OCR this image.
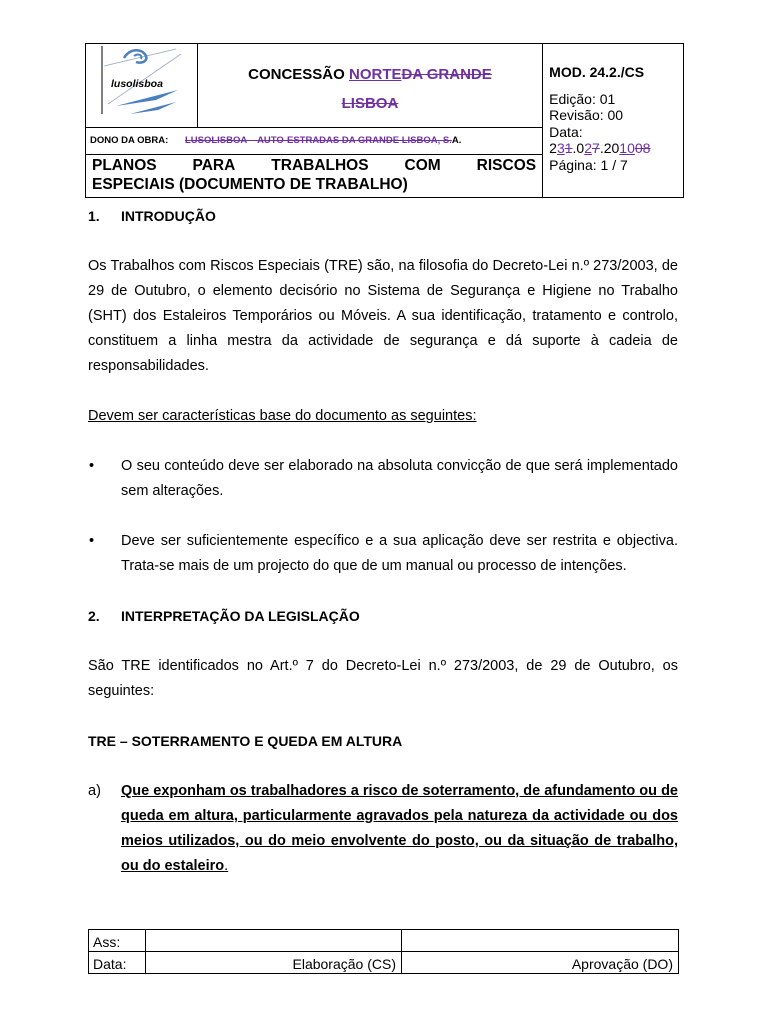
lusolisboa

CONCESSÃO NORTEDA GRANDE
LISBOA

MOD. 24.2./CS
Edição: 01
Revisão: 00
Data:
231.027.201008
Página: 1 / 7

DONO DA OBRA: LUSOLISBOA – AUTO-ESTRADAS DA GRANDE LISBOA, S.A.

PLANOS PARA TRABALHOS COM RISCOS
ESPECIAIS (DOCUMENTO DE TRABALHO)
1.	INTRODUÇÃO

Os Trabalhos com Riscos Especiais (TRE) são, na filosofia do Decreto-Lei n.º 273/2003, de 29 de Outubro, o elemento decisório no Sistema de Segurança e Higiene no Trabalho (SHT) dos Estaleiros Temporários ou Móveis. A sua identificação, tratamento e controlo, constituem a linha mestra da actividade de segurança e dá suporte à cadeia de responsabilidades.

Devem ser características base do documento as seguintes:

•	O seu conteúdo deve ser elaborado na absoluta convicção de que será implementado sem alterações.
•	Deve ser suficientemente específico e a sua aplicação deve ser restrita e objectiva. Trata-se mais de um projecto do que de um manual ou processo de intenções.
2.	INTERPRETAÇÃO DA LEGISLAÇÃO

São TRE identificados no Art.º 7 do Decreto-Lei n.º 273/2003, de 29 de Outubro, os seguintes:

TRE – SOTERRAMENTO E QUEDA EM ALTURA

a)	Que exponham os trabalhadores a risco de soterramento, de afundamento ou de queda em altura, particularmente agravados pela natureza da actividade ou dos meios utilizados, ou do meio envolvente do posto, ou da situação de trabalho, ou do estaleiro.
Ass:		
Data:	Elaboração (CS)	Aprovação (DO)
